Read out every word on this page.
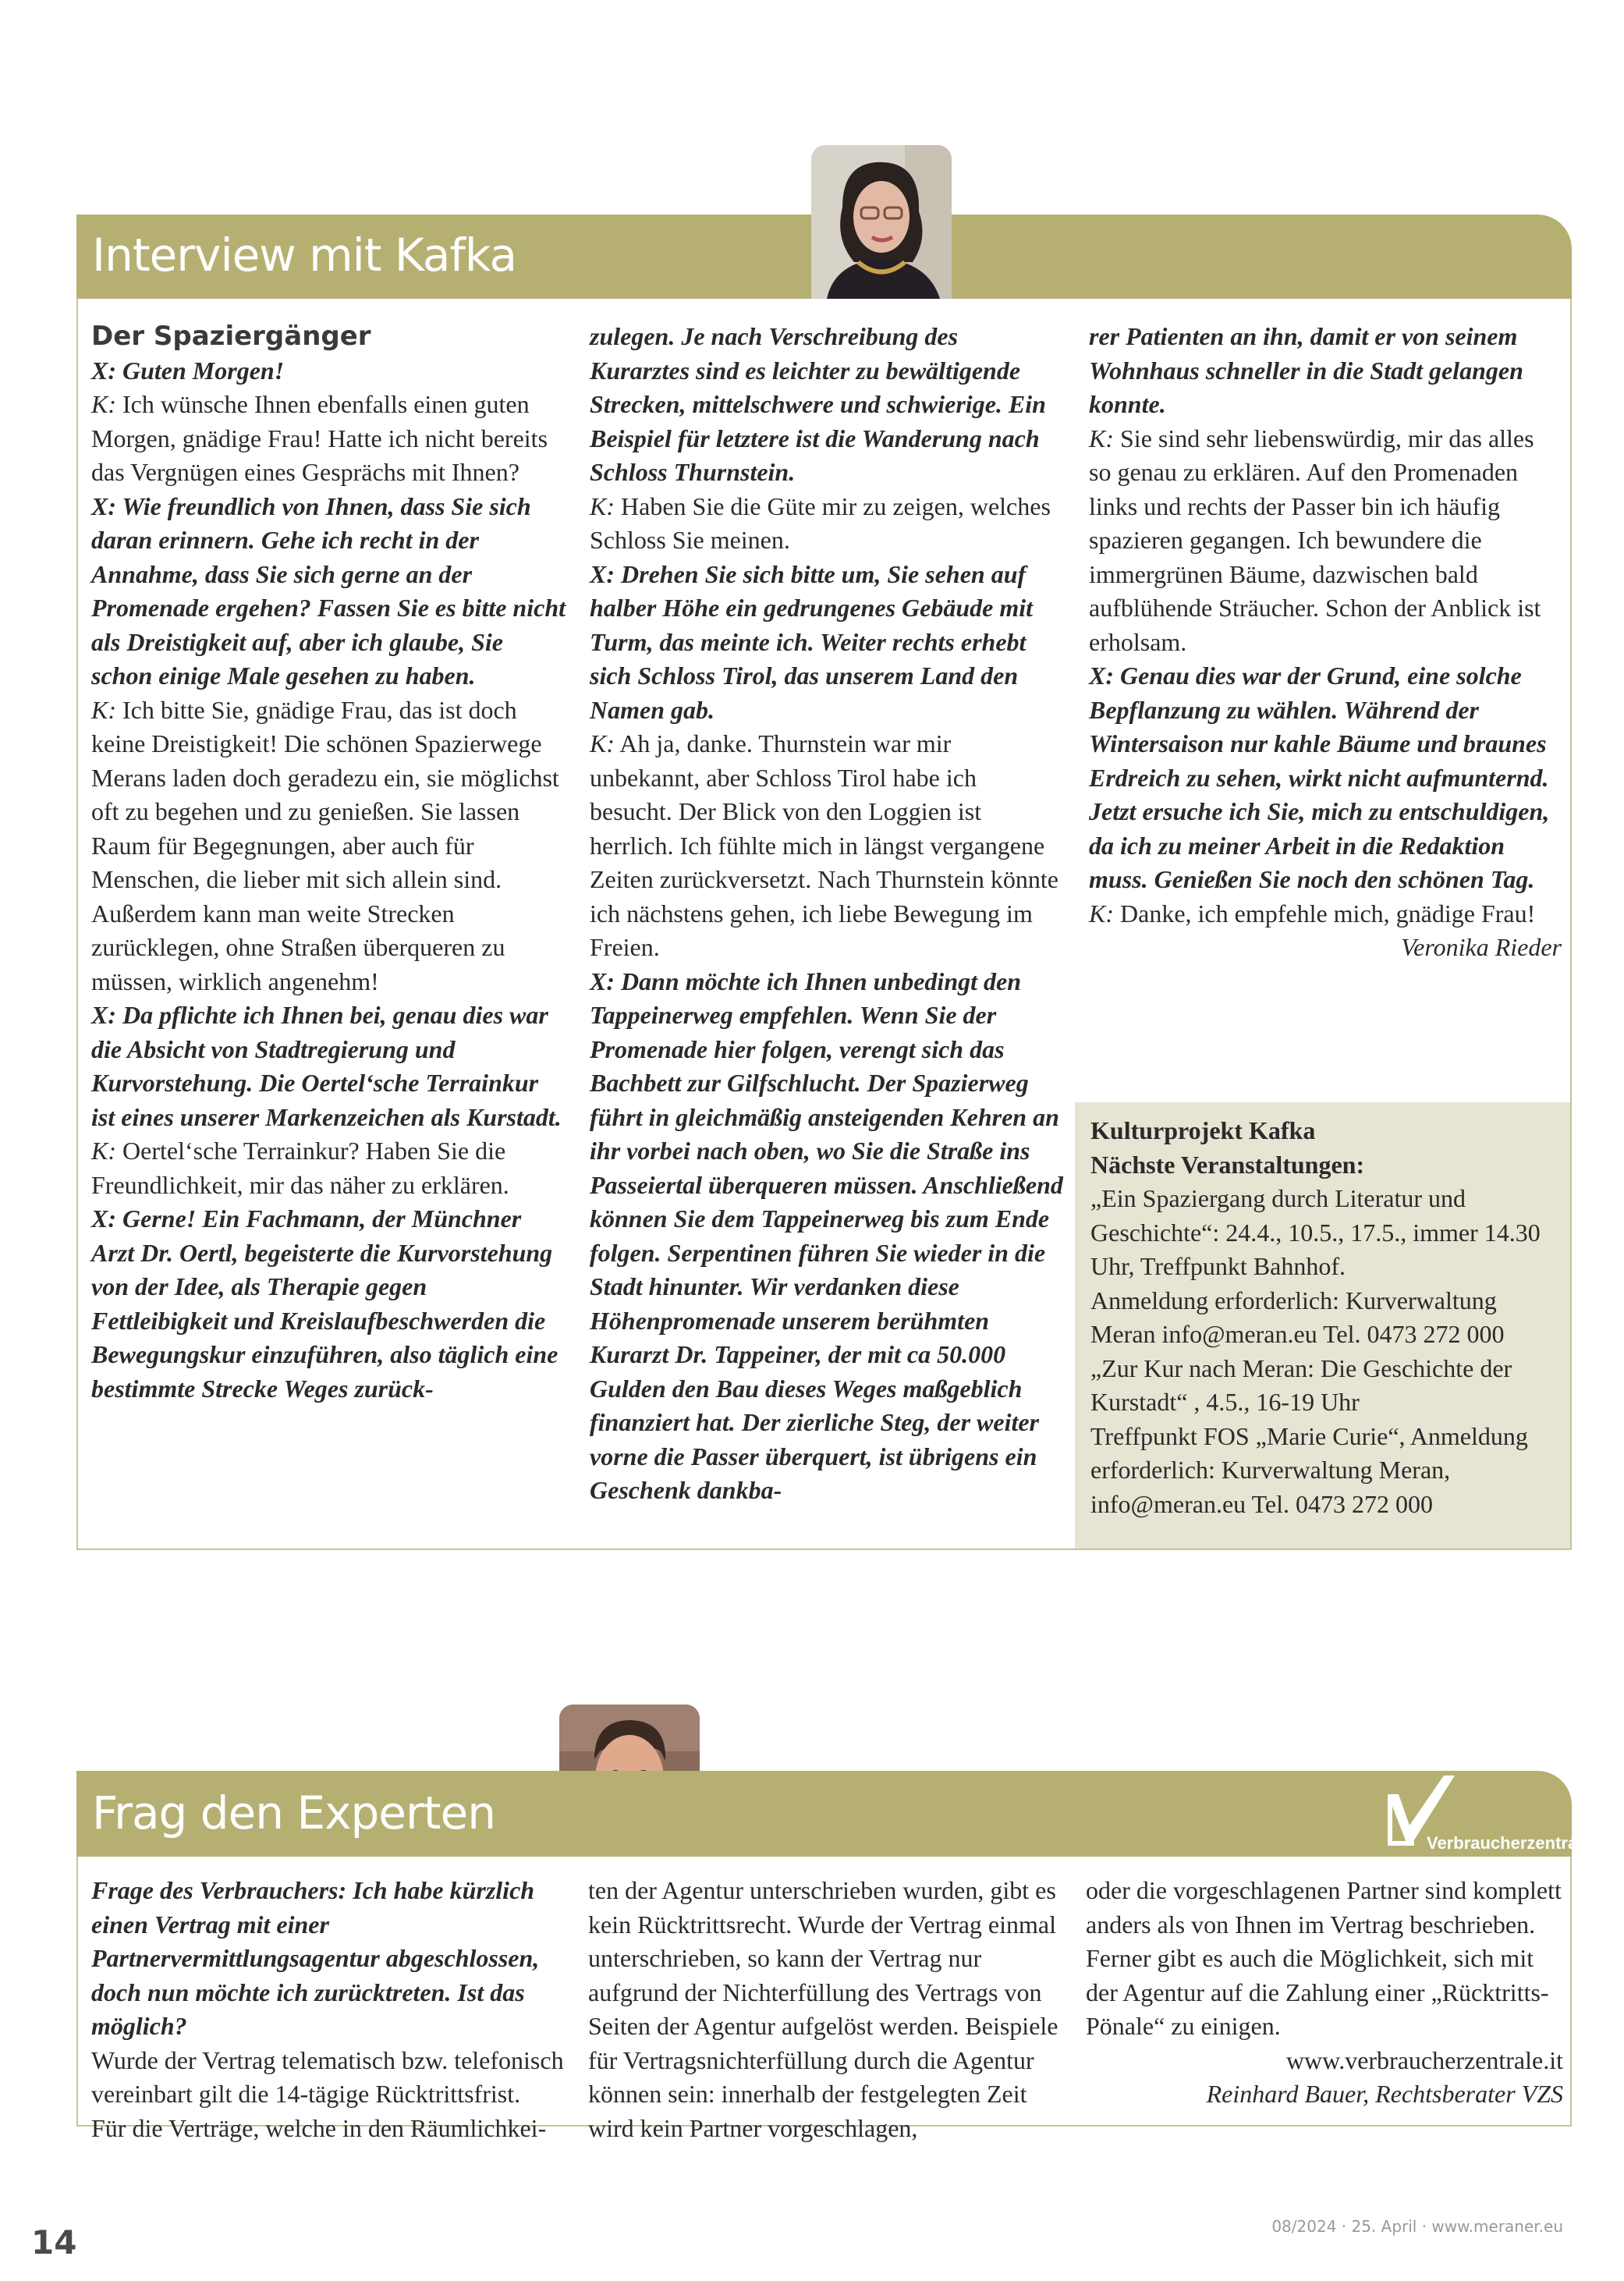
Interview mit Kafka

Der Spaziergänger

X: Guten Morgen!

K: Ich wünsche Ihnen ebenfalls einen guten Morgen, gnädige Frau! Hatte ich nicht bereits das Vergnügen eines Gesprächs mit Ihnen?

X: Wie freundlich von Ihnen, dass Sie sich daran erinnern. Gehe ich recht in der Annahme, dass Sie sich gerne an der Promenade ergehen? Fassen Sie es bitte nicht als Dreistigkeit auf, aber ich glaube, Sie schon einige Male gesehen zu haben.

K: Ich bitte Sie, gnädige Frau, das ist doch keine Dreistigkeit! Die schönen Spazierwege Merans laden doch geradezu ein, sie möglichst oft zu begehen und zu genießen. Sie lassen Raum für Begegnungen, aber auch für Menschen, die lieber mit sich allein sind. Außerdem kann man weite Strecken zurücklegen, ohne Straßen überqueren zu müssen, wirklich angenehm!

X: Da pflichte ich Ihnen bei, genau dies war die Absicht von Stadtregierung und Kurvorstehung. Die Oertel‘sche Terrainkur ist eines unserer Markenzeichen als Kurstadt.

K: Oertel‘sche Terrainkur? Haben Sie die Freundlichkeit, mir das näher zu erklären.

X: Gerne! Ein Fachmann, der Münchner Arzt Dr. Oertl, begeisterte die Kurvorstehung von der Idee, als Therapie gegen Fettleibigkeit und Kreislaufbeschwerden die Bewegungskur einzuführen, also täglich eine bestimmte Strecke Weges zurück-

zulegen. Je nach Verschreibung des Kurarztes sind es leichter zu bewältigende Strecken, mittelschwere und schwierige. Ein Beispiel für letztere ist die Wanderung nach Schloss Thurnstein.

K: Haben Sie die Güte mir zu zeigen, welches Schloss Sie meinen.

X: Drehen Sie sich bitte um, Sie sehen auf halber Höhe ein gedrungenes Gebäude mit Turm, das meinte ich. Weiter rechts erhebt sich Schloss Tirol, das unserem Land den Namen gab.

K: Ah ja, danke. Thurnstein war mir unbekannt, aber Schloss Tirol habe ich besucht. Der Blick von den Loggien ist herrlich. Ich fühlte mich in längst vergangene Zeiten zurückversetzt. Nach Thurnstein könnte ich nächstens gehen, ich liebe Bewegung im Freien.

X: Dann möchte ich Ihnen unbedingt den Tappeinerweg empfehlen. Wenn Sie der Promenade hier folgen, verengt sich das Bachbett zur Gilfschlucht. Der Spazierweg führt in gleichmäßig ansteigenden Kehren an ihr vorbei nach oben, wo Sie die Straße ins Passeiertal überqueren müssen. Anschließend können Sie dem Tappeinerweg bis zum Ende folgen. Serpentinen führen Sie wieder in die Stadt hinunter. Wir verdanken diese Höhenpromenade unserem berühmten Kurarzt Dr. Tappeiner, der mit ca 50.000 Gulden den Bau dieses Weges maßgeblich finanziert hat. Der zierliche Steg, der weiter vorne die Passer überquert, ist übrigens ein Geschenk dankba-

rer Patienten an ihn, damit er von seinem Wohnhaus schneller in die Stadt gelangen konnte.

K: Sie sind sehr liebenswürdig, mir das alles so genau zu erklären. Auf den Promenaden links und rechts der Passer bin ich häufig spazieren gegangen. Ich bewundere die immergrünen Bäume, dazwischen bald aufblühende Sträucher. Schon der Anblick ist erholsam.

X: Genau dies war der Grund, eine solche Bepflanzung zu wählen. Während der Wintersaison nur kahle Bäume und braunes Erdreich zu sehen, wirkt nicht aufmunternd.

Jetzt ersuche ich Sie, mich zu entschuldigen, da ich zu meiner Arbeit in die Redaktion muss. Genießen Sie noch den schönen Tag.

K: Danke, ich empfehle mich, gnädige Frau!

Veronika Rieder

Kulturprojekt Kafka

Nächste Veranstaltungen:

„Ein Spaziergang durch Literatur und Geschichte“: 24.4., 10.5., 17.5., immer 14.30 Uhr, Treffpunkt Bahnhof.

Anmeldung erforderlich: Kurverwaltung Meran info@meran.eu Tel. 0473 272 000

„Zur Kur nach Meran: Die Geschichte der Kurstadt“ , 4.5., 16-19 Uhr

Treffpunkt FOS „Marie Curie“, Anmeldung erforderlich: Kurverwaltung Meran, info@meran.eu Tel. 0473 272 000

Frag den Experten
Verbraucherzentrale

Frage des Verbrauchers: Ich habe kürzlich einen Vertrag mit einer Partnervermittlungsagentur abgeschlossen, doch nun möchte ich zurücktreten. Ist das möglich?

Wurde der Vertrag telematisch bzw. telefonisch vereinbart gilt die 14-tägige Rücktrittsfrist.

Für die Verträge, welche in den Räumlichkei-

ten der Agentur unterschrieben wurden, gibt es kein Rücktrittsrecht. Wurde der Vertrag einmal unterschrieben, so kann der Vertrag nur aufgrund der Nichterfüllung des Vertrags von Seiten der Agentur aufgelöst werden. Beispiele für Vertragsnichterfüllung durch die Agentur können sein: innerhalb der festgelegten Zeit wird kein Partner vorgeschlagen,

oder die vorgeschlagenen Partner sind komplett anders als von Ihnen im Vertrag beschrieben.

Ferner gibt es auch die Möglichkeit, sich mit der Agentur auf die Zahlung einer „Rücktritts-Pönale“ zu einigen.

www.verbraucherzentrale.it

Reinhard Bauer, Rechtsberater VZS

14	08/2024 · 25. April · www.meraner.eu
